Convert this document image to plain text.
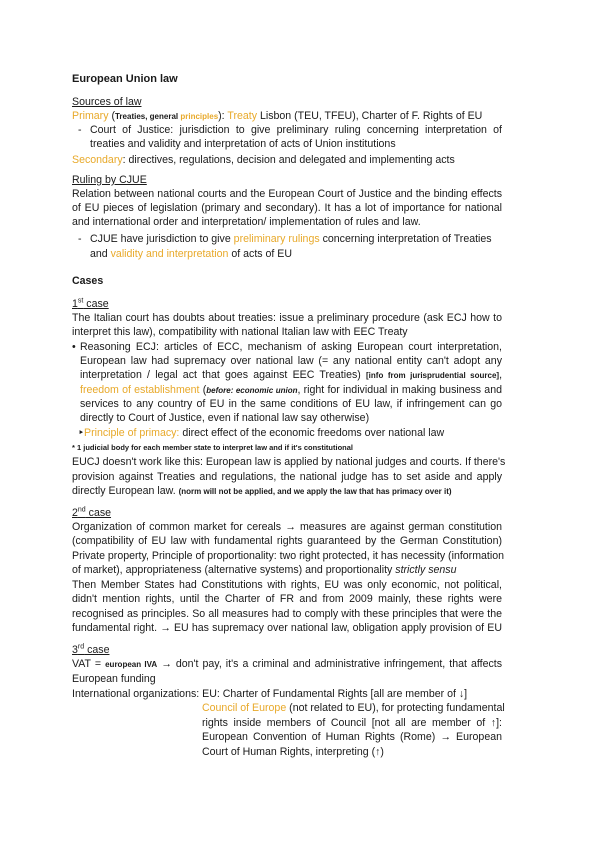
European Union law
Sources of law
Primary (Treaties, general principles): Treaty Lisbon (TEU, TFEU), Charter of F. Rights of EU
- Court of Justice: jurisdiction to give preliminary ruling concerning interpretation of
treaties and validity and interpretation of acts of Union institutions
Secondary: directives, regulations, decision and delegated and implementing acts
Ruling by CJUE
Relation between national courts and the European Court of Justice and the binding effects
of EU pieces of legislation (primary and secondary). It has a lot of importance for national
and international order and interpretation/ implementation of rules and law.
- CJUE have jurisdiction to give preliminary rulings concerning interpretation of Treaties
and validity and interpretation of acts of EU
Cases
1st case
The Italian court has doubts about treaties: issue a preliminary procedure (ask ECJ how to
interpret this law), compatibility with national Italian law with EEC Treaty
• Reasoning ECJ: articles of ECC, mechanism of asking European court interpretation,
European law had supremacy over national law (= any national entity can't adopt any
interpretation / legal act that goes against EEC Treaties) [info from jurisprudential source],
freedom of establishment (before: economic union, right for individual in making business and
services to any country of EU in the same conditions of EU law, if infringement can go
directly to Court of Justice, even if national law say otherwise)
‣ Principle of primacy: direct effect of the economic freedoms over national law
* 1 judicial body for each member state to interpret law and if it's constitutional
EUCJ doesn't work like this: European law is applied by national judges and courts. If there's
provision against Treaties and regulations, the national judge has to set aside and apply
directly European law. (norm will not be applied, and we apply the law that has primacy over it)
2nd case
Organization of common market for cereals → measures are against german constitution
(compatibility of EU law with fundamental rights guaranteed by the German Constitution)
Private property, Principle of proportionality: two right protected, it has necessity (information
of market), appropriateness (alternative systems) and proportionality strictly sensu
Then Member States had Constitutions with rights, EU was only economic, not political,
didn't mention rights, until the Charter of FR and from 2009 mainly, these rights were
recognised as principles. So all measures had to comply with these principles that were the
fundamental right. → EU has supremacy over national law, obligation apply provision of EU
3rd case
VAT = european IVA → don't pay, it's a criminal and administrative infringement, that affects
European funding
International organizations: EU: Charter of Fundamental Rights [all are member of ↓]
Council of Europe (not related to EU), for protecting fundamental
rights inside members of Council [not all are member of ↑]:
European Convention of Human Rights (Rome) → European
Court of Human Rights, interpreting (↑)
